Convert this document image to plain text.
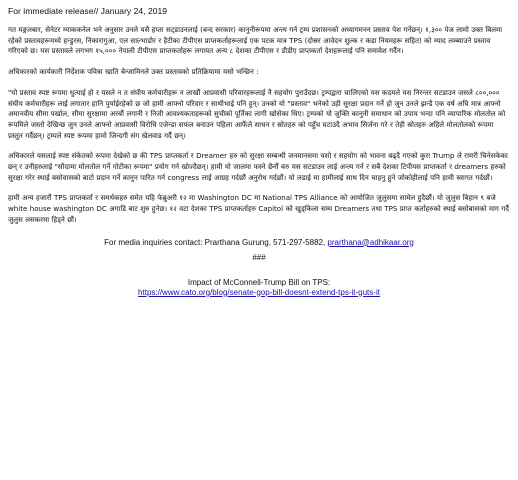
For immediate release// January 24, 2019

गत मङ्गलबार, सेनेटर म्याककनेल भने अनुसार उनले यसै हप्ता सट्डाउनलाई (बन्द सरकार) कानुनीरूपमा अन्त्य गर्न ट्रम्प प्रशासनको अध्यागमनन प्रस्ताव पेश गर्नेछन्। १,३०० पेज लामो उक्त बिलमा रहेको प्रस्तावहरूमध्ये हन्डुरस, निकारागुआ, एल साल्भाडोर र हैटीका टीपीएस प्राप्तकर्ताहरूलाई एक पटक मात्र TPS (दोस्रर आवेदन शुल्क र कडा नियमहरू सहित) को म्याद लम्ब्याउने प्रस्ताव गरिएको छ। यस प्रस्तावले लगभग १५,००० नेपाली टीपीएस प्राप्तकर्ताहरू लगायत अन्य ८ देशका टीपीएस र डीडीए प्राप्तकर्ता देशहरूलाई पनि समावेश गर्दैन।

अधिकारको कार्यकारी निर्देशक पवित्रा खाति बेन्जामिनले उक्त प्रस्तावको प्रतिक्रियामा यसो भन्छिन :

"यो प्रस्ताव स्पष्ट रूपमा धुत्याई हो र यसले न त संघीय कर्मचारीहरू न लाखौं आप्रवासी परिवारहरूलाई नै सहयोग पुराउँदछ। ट्रम्पद्वारा चालिएको यस कदमले यस निरन्तर सटडाउन जसले ८००,००० संघीय कर्मचारीहरू लाई लगातार हानि पुर्याईरहेको छ जो हामी आफ्नो परिवार र साथीभाई पनि हुन्। उनको यो "प्रस्ताव" भनेको उही सुरक्षा प्रदान गर्ने हो जुन उनले झन्डै एक वर्ष अघि मात्र आफ्नो अमानवीय सीमा पर्खाल, सीमा सुरक्षामा अरबौं लगानी र निजी आवश्यकताहरूको सुचीको पूर्तिका लागी खोसेका थिए। ट्रम्पको यो जुक्ति कानुनी समाधान को उपाय भन्दा पनि व्यापारिक मोलतोल को रूपमिले जस्तो देखिन्छ जुन उनले आफ्नो आप्रवासी विरोधि एजेन्डा सफल बनाउन पहिला आफैंले साधन र स्रोतहरु को पहुँच घटाउदै अभाव सिर्जना गरे र तेही स्रोतहरु अहिले मोलतोलको रूपमा प्रस्तुत गर्दैछन्। ट्रम्पले स्पष्ट रूपमा हामो जिन्दगी संग खेलवाड गर्दै छन्।

अधिकारले यसलाई स्पष्ट संकेतको रूपमा देखेको छ की TPS प्राप्तकर्ता र Dreamer हरु को सुरक्षा सम्बन्धी जनमानसमा यसो र सहयोग को भावना बढ्दै गएको कुरा Trump ले रामरी चिनेसकेका छन् र उनीहरुलाई "सौदामा मोलतोल गर्ने गोटीका रूपमा" प्रयोग गर्न खोज्दैछन्। हामी यो जालमा फस्ने छैनौं बरु यस सटडाउन लाई अन्त्य गर्न र सबै देशका टिपीयस प्राप्तकर्ता र dreamers हरुको सुरक्षा गरेर स्थाई बसोवासको बाटो प्रदान गर्ने कानुन पारित गर्न congress लाई आग्रह गर्दछौं अनुरोध गर्दछौं। यो लडाई मा हामीलाई साथ दिन चाहनु हुने जोकोहीलाई पनि हामी स्वागत गर्दछौं।

हामी अन्य हजारौं TPS प्राप्तकर्ता र समर्थकहरु समेत यहि फेब्रुअरी १२ मा Washington DC मा National TPS Alliance को आयोजित जुलुसमा सामेल हुदैछौं। यो जुलुस बिहान ९ बजे white house washington DC अगाडि बाट शुरु हुनेछ। १२ वटा देशका TPS प्राप्तकर्ताहरु Capitol को खुड्किला सम्म Dreamers तथा TPS प्राप्त कर्ताहरुको स्थाई बसोबासको माग गर्दै जुलुस लसकरमा हिड्ने छौं।

For media inquiries contact: Prarthana Gurung, 571-297-5882, prarthana@adhikaar.org

###

Impact of McConnell-Trump Bill on TPS:

https://www.cato.org/blog/senate-gop-bill-doesnt-extend-tps-it-guts-it
